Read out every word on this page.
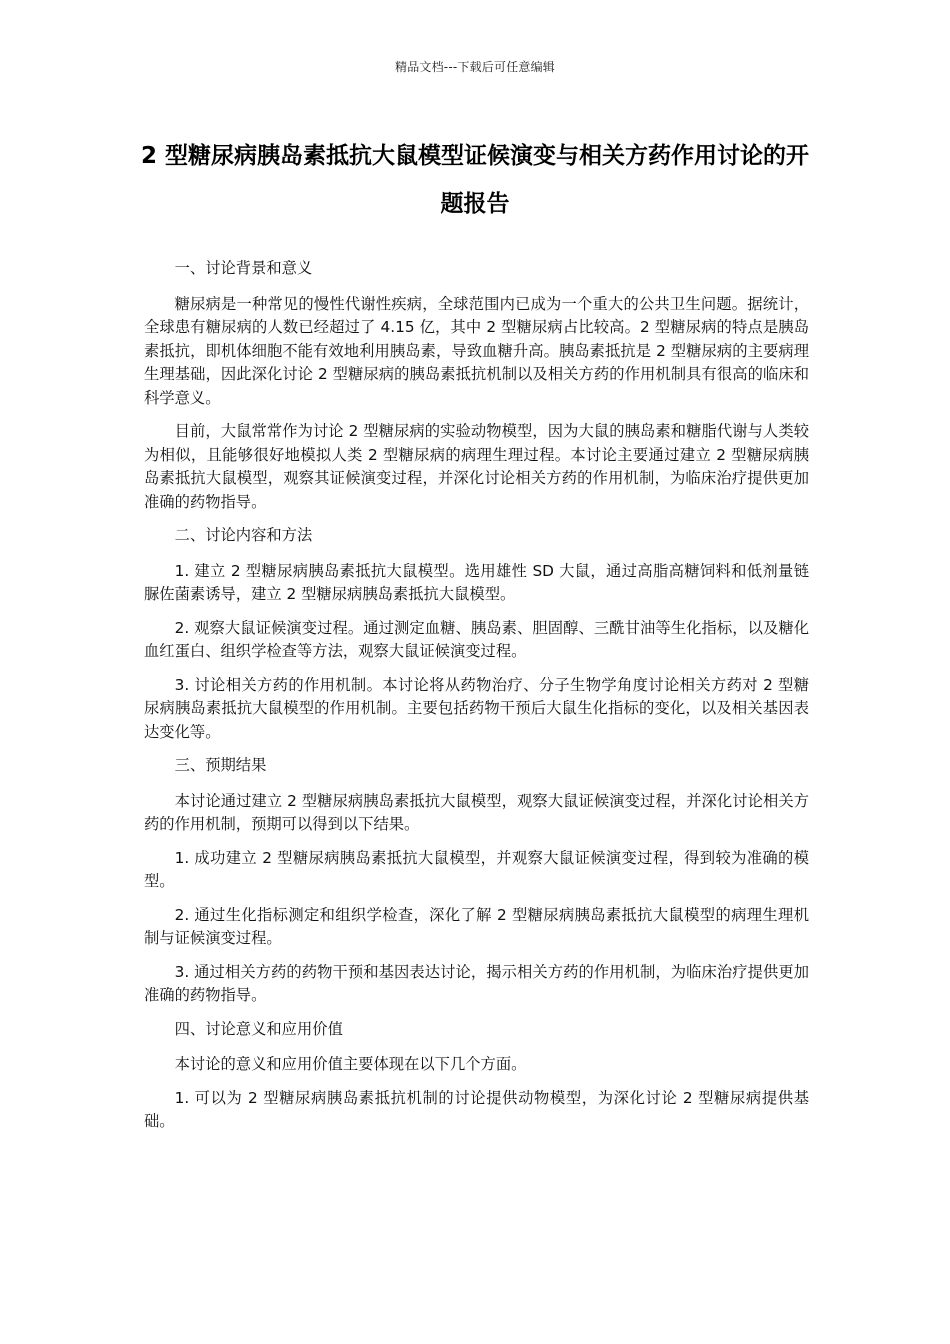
精品文档---下载后可任意编辑
2 型糖尿病胰岛素抵抗大鼠模型证候演变与相关方药作用讨论的开题报告

一、讨论背景和意义

糖尿病是一种常见的慢性代谢性疾病，全球范围内已成为一个重大的公共卫生问题。据统计，全球患有糖尿病的人数已经超过了 4.15 亿，其中 2 型糖尿病占比较高。2 型糖尿病的特点是胰岛素抵抗，即机体细胞不能有效地利用胰岛素，导致血糖升高。胰岛素抵抗是 2 型糖尿病的主要病理生理基础，因此深化讨论 2 型糖尿病的胰岛素抵抗机制以及相关方药的作用机制具有很高的临床和科学意义。

目前，大鼠常常作为讨论 2 型糖尿病的实验动物模型，因为大鼠的胰岛素和糖脂代谢与人类较为相似，且能够很好地模拟人类 2 型糖尿病的病理生理过程。本讨论主要通过建立 2 型糖尿病胰岛素抵抗大鼠模型，观察其证候演变过程，并深化讨论相关方药的作用机制，为临床治疗提供更加准确的药物指导。

二、讨论内容和方法

1. 建立 2 型糖尿病胰岛素抵抗大鼠模型。选用雄性 SD 大鼠，通过高脂高糖饲料和低剂量链脲佐菌素诱导，建立 2 型糖尿病胰岛素抵抗大鼠模型。

2. 观察大鼠证候演变过程。通过测定血糖、胰岛素、胆固醇、三酰甘油等生化指标，以及糖化血红蛋白、组织学检查等方法，观察大鼠证候演变过程。

3. 讨论相关方药的作用机制。本讨论将从药物治疗、分子生物学角度讨论相关方药对 2 型糖尿病胰岛素抵抗大鼠模型的作用机制。主要包括药物干预后大鼠生化指标的变化，以及相关基因表达变化等。

三、预期结果

本讨论通过建立 2 型糖尿病胰岛素抵抗大鼠模型，观察大鼠证候演变过程，并深化讨论相关方药的作用机制，预期可以得到以下结果。

1. 成功建立 2 型糖尿病胰岛素抵抗大鼠模型，并观察大鼠证候演变过程，得到较为准确的模型。

2. 通过生化指标测定和组织学检查，深化了解 2 型糖尿病胰岛素抵抗大鼠模型的病理生理机制与证候演变过程。

3. 通过相关方药的药物干预和基因表达讨论，揭示相关方药的作用机制，为临床治疗提供更加准确的药物指导。

四、讨论意义和应用价值

本讨论的意义和应用价值主要体现在以下几个方面。

1. 可以为 2 型糖尿病胰岛素抵抗机制的讨论提供动物模型，为深化讨论 2 型糖尿病提供基础。
